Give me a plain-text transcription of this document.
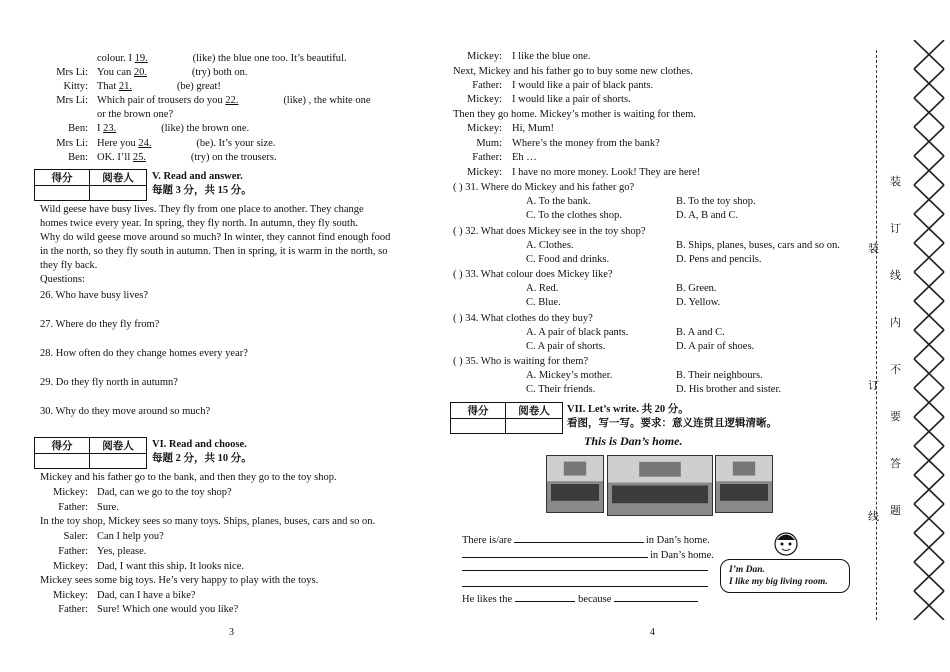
colour. I 19.	(like) the blue one too. It’s beautiful.
Mrs Li: You can 20.	(try) both on.
Kitty: That 21.	(be) great!
Mrs Li: Which pair of trousers do you 22.	(like) , the white one
or the brown one?
Ben: I 23.	(like) the brown one.
Mrs Li: Here you 24.	(be). It’s your size.
Ben: OK. I’ll 25.	(try) on the trousers.
得分	阅卷人
	V. Read and answer.
每题 3 分，共 15 分。
Wild geese have busy lives. They fly from one place to another. They change
homes twice every year. In spring, they fly north. In autumn, they fly south.
Why do wild geese move around so much? In winter, they cannot find enough food
in the north, so they fly south in autumn. Then in spring, it is warm in the north, so
they fly back.
Questions:
26. Who have busy lives?
27. Where do they fly from?
28. How often do they change homes every year?
29. Do they fly north in autumn?
30. Why do they move around so much?
得分	阅卷人
	VI. Read and choose.
每题 2 分，共 10 分。
Mickey and his father go to the bank, and then they go to the toy shop.
Mickey: Dad, can we go to the toy shop?
Father: Sure.
In the toy shop, Mickey sees so many toys. Ships, planes, buses, cars and so on.
Saler: Can I help you?
Father: Yes, please.
Mickey: Dad, I want this ship. It looks nice.
Mickey sees some big toys. He’s very happy to play with the toys.
Mickey: Dad, can I have a bike?
Father: Sure! Which one would you like?
3
Mickey: I like the blue one.
Next, Mickey and his father go to buy some new clothes.
Father: I would like a pair of black pants.
Mickey: I would like a pair of shorts.
Then they go home. Mickey’s mother is waiting for them.
Mickey: Hi, Mum!
Mum: Where’s the money from the bank?
Father: Eh …
Mickey: I have no more money. Look! They are here!
( ) 31. Where do Mickey and his father go?
A. To the bank.	B. To the toy shop.
C. To the clothes shop.	D. A, B and C.
( ) 32. What does Mickey see in the toy shop?
A. Clothes.	B. Ships, planes, buses, cars and so on.
C. Food and drinks.	D. Pens and pencils.
( ) 33. What colour does Mickey like?
A. Red.	B. Green.
C. Blue.	D. Yellow.
( ) 34. What clothes do they buy?
A. A pair of black pants.	B. A and C.
C. A pair of shorts.	D. A pair of shoes.
( ) 35. Who is waiting for them?
A. Mickey’s mother.	B. Their neighbours.
C. Their friends.	D. His brother and sister.
得分	阅卷人
	VII. Let’s write. 共 20 分。
看图，写一写。要求：意义连贯且逻辑清晰。
This is Dan’s home.
There is/are	in Dan’s home.
in Dan’s home.
He likes the	because
I’m Dan.
I like my big living room.
4
装
订
线
内
不
要
答
题
装
订
线
